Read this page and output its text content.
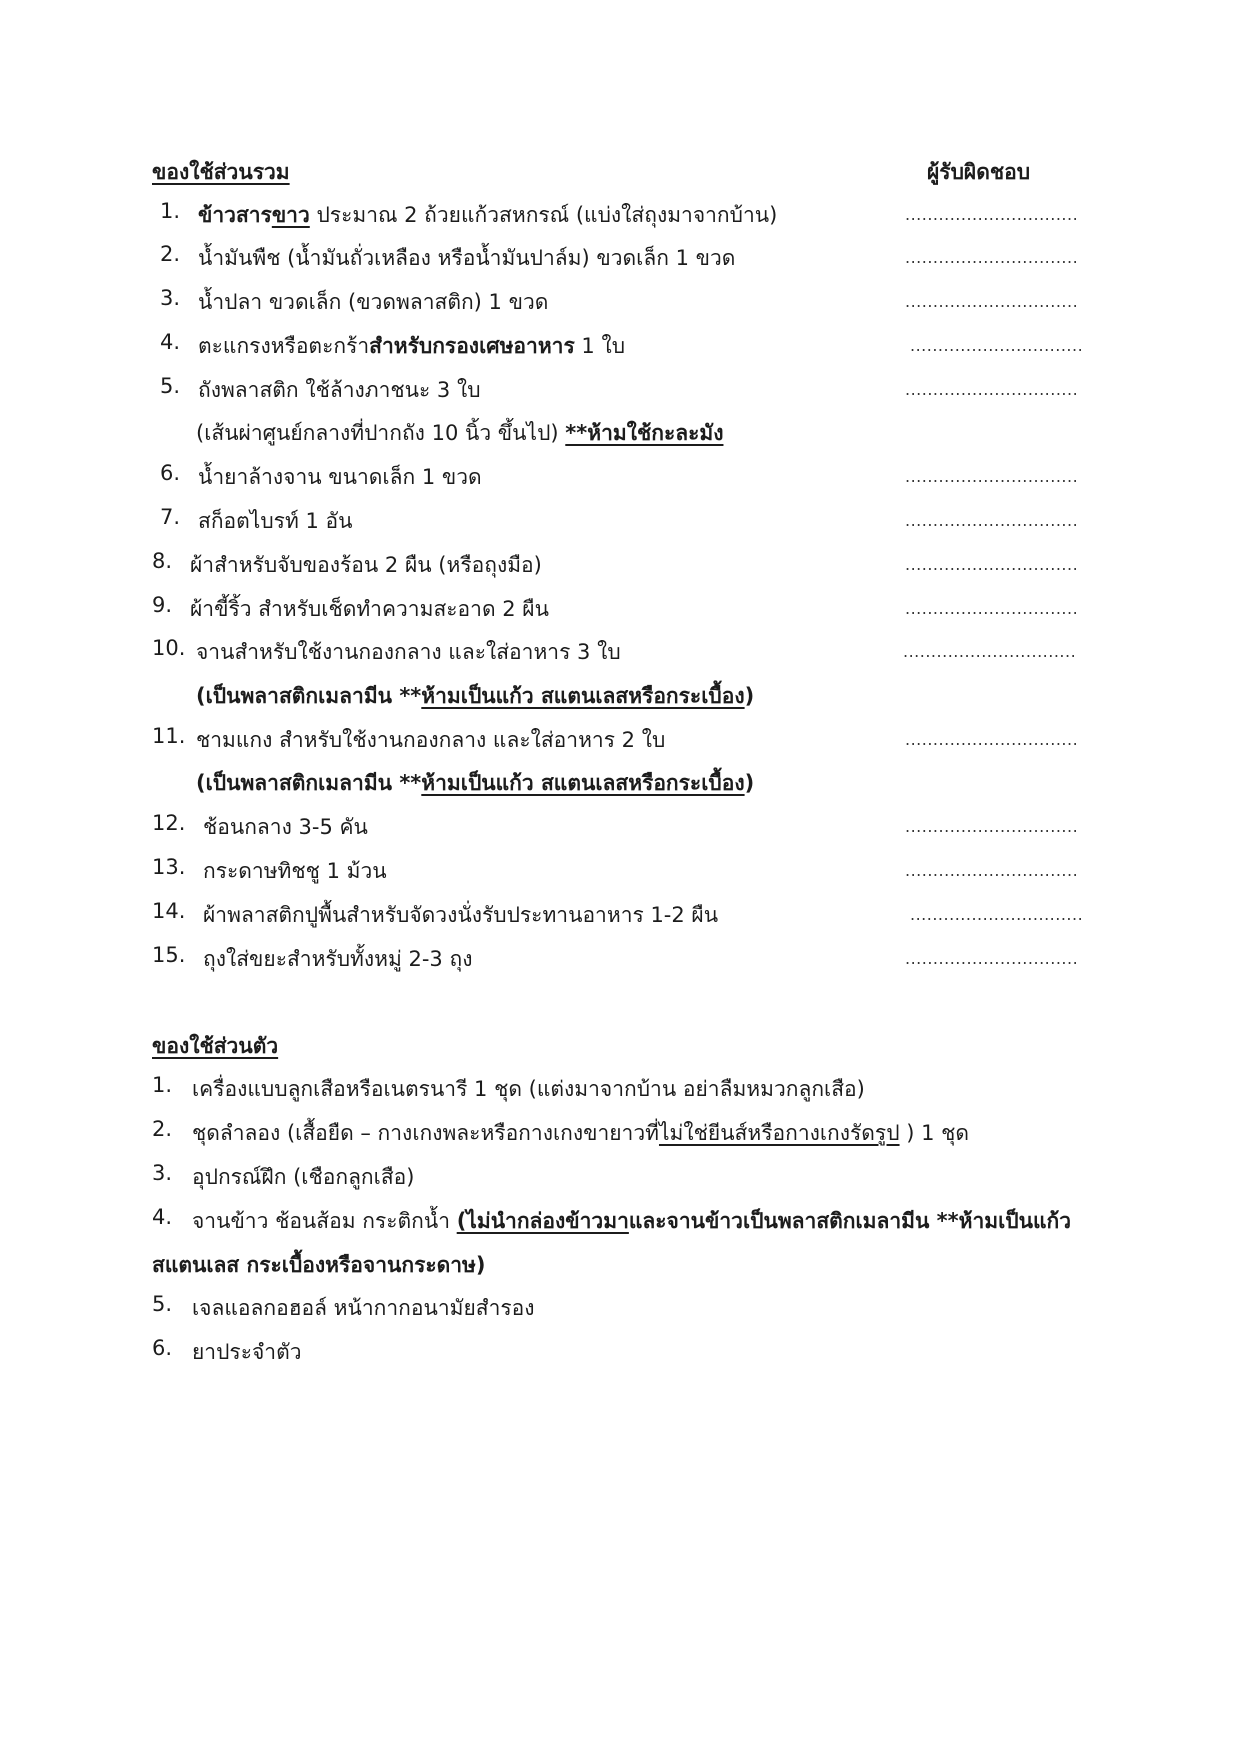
ของใช้ส่วนรวม	ผู้รับผิดชอบ
1. ข้าวสารขาว ประมาณ 2 ถ้วยแก้วสหกรณ์ (แบ่งใส่ถุงมาจากบ้าน)	...............................
2. น้ำมันพืช (น้ำมันถั่วเหลือง หรือน้ำมันปาล์ม) ขวดเล็ก 1 ขวด	...............................
3. น้ำปลา ขวดเล็ก (ขวดพลาสติก) 1 ขวด	...............................
4. ตะแกรงหรือตะกร้าสำหรับกรองเศษอาหาร 1 ใบ	...............................
5. ถังพลาสติก ใช้ล้างภาชนะ 3 ใบ	...............................
(เส้นผ่าศูนย์กลางที่ปากถัง 10 นิ้ว ขึ้นไป) **ห้ามใช้กะละมัง
6. น้ำยาล้างจาน ขนาดเล็ก 1 ขวด	...............................
7. สก็อตไบรท์ 1 อัน	...............................
8. ผ้าสำหรับจับของร้อน 2 ผืน (หรือถุงมือ)	...............................
9. ผ้าขี้ริ้ว สำหรับเช็ดทำความสะอาด 2 ผืน	...............................
10. จานสำหรับใช้งานกองกลาง และใส่อาหาร 3 ใบ	...............................
(เป็นพลาสติกเมลามีน **ห้ามเป็นแก้ว สแตนเลสหรือกระเบื้อง)
11. ชามแกง สำหรับใช้งานกองกลาง และใส่อาหาร 2 ใบ	...............................
(เป็นพลาสติกเมลามีน **ห้ามเป็นแก้ว สแตนเลสหรือกระเบื้อง)
12. ช้อนกลาง 3-5 คัน	...............................
13. กระดาษทิชชู 1 ม้วน	...............................
14. ผ้าพลาสติกปูพื้นสำหรับจัดวงนั่งรับประทานอาหาร 1-2 ผืน	...............................
15. ถุงใส่ขยะสำหรับทั้งหมู่ 2-3 ถุง	...............................
ของใช้ส่วนตัว
1. เครื่องแบบลูกเสือหรือเนตรนารี 1 ชุด (แต่งมาจากบ้าน อย่าลืมหมวกลูกเสือ)
2. ชุดลำลอง (เสื้อยืด – กางเกงพละหรือกางเกงขายาวที่ไม่ใช่ยีนส์หรือกางเกงรัดรูป ) 1 ชุด
3. อุปกรณ์ฝึก (เชือกลูกเสือ)
4. จานข้าว ช้อนส้อม กระติกน้ำ (ไม่นำกล่องข้าวมาและจานข้าวเป็นพลาสติกเมลามีน **ห้ามเป็นแก้ว
สแตนเลส กระเบื้องหรือจานกระดาษ)
5. เจลแอลกอฮอล์ หน้ากากอนามัยสำรอง
6. ยาประจำตัว
